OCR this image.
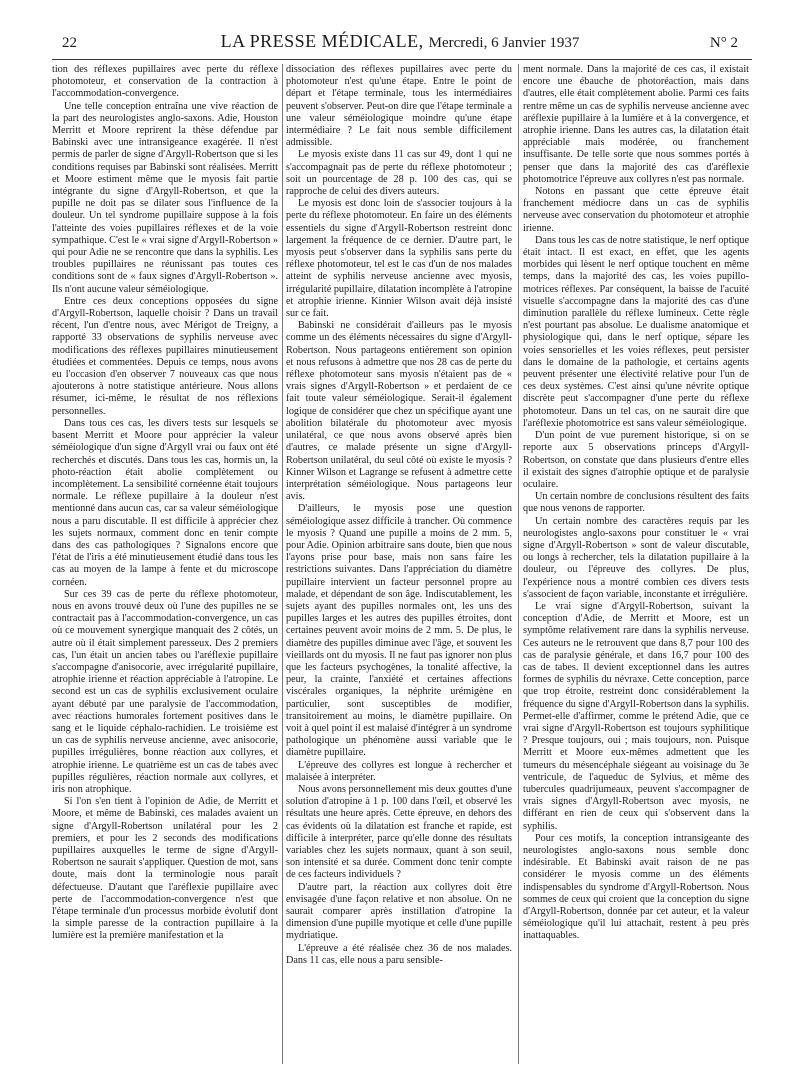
22	LA PRESSE MÉDICALE, Mercredi, 6 Janvier 1937	N° 2

tion des réflexes pupillaires avec perte du réflexe photomoteur, et conservation de la contraction à l'accommodation-convergence.

Une telle conception entraîna une vive réaction de la part des neurologistes anglo-saxons. Adie, Houston Merritt et Moore reprirent la thèse défendue par Babinski avec une intransigeance exagérée. Il n'est permis de parler de signe d'Argyll-Robertson que si les conditions requises par Babinski sont réalisées. Merritt et Moore estiment même que le myosis fait partie intégrante du signe d'Argyll-Robertson, et que la pupille ne doit pas se dilater sous l'influence de la douleur. Un tel syndrome pupillaire suppose à la fois l'atteinte des voies pupillaires réflexes et de la voie sympathique. C'est le « vrai signe d'Argyll-Robertson » qui pour Adie ne se rencontre que dans la syphilis. Les troubles pupillaires ne réunissant pas toutes ces conditions sont de « faux signes d'Argyll-Robertson ». Ils n'ont aucune valeur séméiologique.

Entre ces deux conceptions opposées du signe d'Argyll-Robertson, laquelle choisir ? Dans un travail récent, l'un d'entre nous, avec Mérigot de Treigny, a rapporté 33 observations de syphilis nerveuse avec modifications des réflexes pupillaires minutieusement étudiées et commentées. Depuis ce temps, nous avons eu l'occasion d'en observer 7 nouveaux cas que nous ajouterons à notre statistique antérieure. Nous allons résumer, ici-même, le résultat de nos réflexions personnelles.

Dans tous ces cas, les divers tests sur lesquels se basent Merritt et Moore pour apprécier la valeur séméiologique d'un signe d'Argyll vrai ou faux ont été recherchés et discutés. Dans tous les cas, hormis un, la photo-réaction était abolie complètement ou incomplètement. La sensibilité cornéenne était toujours normale. Le réflexe pupillaire à la douleur n'est mentionné dans aucun cas, car sa valeur séméiologique nous a paru discutable. Il est difficile à apprécier chez les sujets normaux, comment donc en tenir compte dans des cas pathologiques ? Signalons encore que l'état de l'iris a été minutieusement étudié dans tous les cas au moyen de la lampe à fente et du microscope cornéen.

Sur ces 39 cas de perte du réflexe photomoteur, nous en avons trouvé deux où l'une des pupilles ne se contractait pas à l'accommodation-convergence, un cas où ce mouvement synergique manquait des 2 côtés, un autre où il était simplement paresseux. Des 2 premiers cas, l'un était un ancien tabes ou l'aréflexie pupillaire s'accompagne d'anisocorie, avec irrégularité pupillaire, atrophie irienne et réaction appréciable à l'atropine. Le second est un cas de syphilis exclusivement oculaire ayant débuté par une paralysie de l'accommodation, avec réactions humorales fortement positives dans le sang et le liquide céphalo-rachidien. Le troisième est un cas de syphilis nerveuse ancienne, avec anisocorie, pupilles irrégulières, bonne réaction aux collyres, et atrophie irienne. Le quatrième est un cas de tabes avec pupilles régulières, réaction normale aux collyres, et iris non atrophique.

Si l'on s'en tient à l'opinion de Adie, de Merritt et Moore, et même de Babinski, ces malades avaient un signe d'Argyll-Robertson unilatéral pour les 2 premiers, et pour les 2 seconds des modifications pupillaires auxquelles le terme de signe d'Argyll-Robertson ne saurait s'appliquer. Question de mot, sans doute, mais dont la terminologie nous paraît défectueuse. D'autant que l'aréflexie pupillaire avec perte de l'accommodation-convergence n'est que l'étape terminale d'un processus morbide évolutif dont la simple paresse de la contraction pupillaire à la lumière est la première manifestation et la

dissociation des réflexes pupillaires avec perte du photomoteur n'est qu'une étape. Entre le point de départ et l'étape terminale, tous les intermédiaires peuvent s'observer. Peut-on dire que l'étape terminale a une valeur séméiologique moindre qu'une étape intermédiaire ? Le fait nous semble difficilement admissible.

Le myosis existe dans 11 cas sur 49, dont 1 qui ne s'accompagnait pas de perte du réflexe photomoteur ; soit un pourcentage de 28 p. 100 des cas, qui se rapproche de celui des divers auteurs.

Le myosis est donc loin de s'associer toujours à la perte du réflexe photomoteur. En faire un des éléments essentiels du signe d'Argyll-Robertson restreint donc largement la fréquence de ce dernier. D'autre part, le myosis peut s'observer dans la syphilis sans perte du réflexe photomoteur, tel est le cas d'un de nos malades atteint de syphilis nerveuse ancienne avec myosis, irrégularité pupillaire, dilatation incomplète à l'atropine et atrophie irienne. Kinnier Wilson avait déjà insisté sur ce fait.

Babinski ne considérait d'ailleurs pas le myosis comme un des éléments nécessaires du signe d'Argyll-Robertson. Nous partageons entièrement son opinion et nous refusons à admettre que nos 28 cas de perte du réflexe photomoteur sans myosis n'étaient pas de « vrais signes d'Argyll-Robertson » et perdaient de ce fait toute valeur séméiologique. Serait-il également logique de considérer que chez un spécifique ayant une abolition bilatérale du photomoteur avec myosis unilatéral, ce que nous avons observé après bien d'autres, ce malade présente un signe d'Argyll-Robertson unilatéral, du seul côté où existe le myosis ? Kinner Wilson et Lagrange se refusent à admettre cette interprétation séméiologique. Nous partageons leur avis.

D'ailleurs, le myosis pose une question séméiologique assez difficile à trancher. Où commence le myosis ? Quand une pupille a moins de 2 mm. 5, pour Adie. Opinion arbitraire sans doute, bien que nous l'ayons prise pour base, mais non sans faire les restrictions suivantes. Dans l'appréciation du diamètre pupillaire intervient un facteur personnel propre au malade, et dépendant de son âge. Indiscutablement, les sujets ayant des pupilles normales ont, les uns des pupilles larges et les autres des pupilles étroites, dont certaines peuvent avoir moins de 2 mm. 5. De plus, le diamètre des pupilles diminue avec l'âge, et souvent les vieillards ont du myosis. Il ne faut pas ignorer non plus que les facteurs psychogènes, la tonalité affective, la peur, la crainte, l'anxiété et certaines affections viscérales organiques, la néphrite urémigène en particulier, sont susceptibles de modifier, transitoirement au moins, le diamètre pupillaire. On voit à quel point il est malaisé d'intégrer à un syndrome pathologique un phénomène aussi variable que le diamètre pupillaire.

L'épreuve des collyres est longue à rechercher et malaisée à interpréter.

Nous avons personnellement mis deux gouttes d'une solution d'atropine à 1 p. 100 dans l'œil, et observé les résultats une heure après. Cette épreuve, en dehors des cas évidents où la dilatation est franche et rapide, est difficile à interpréter, parce qu'elle donne des résultats variables chez les sujets normaux, quant à son seuil, son intensité et sa durée. Comment donc tenir compte de ces facteurs individuels ?

D'autre part, la réaction aux collyres doit être envisagée d'une façon relative et non absolue. On ne saurait comparer après instillation d'atropine la dimension d'une pupille myotique et celle d'une pupille mydriatique.

L'épreuve a été réalisée chez 36 de nos malades. Dans 11 cas, elle nous a paru sensible-

ment normale. Dans la majorité de ces cas, il existait encore une ébauche de photoréaction, mais dans d'autres, elle était complètement abolie. Parmi ces faits rentre même un cas de syphilis nerveuse ancienne avec aréflexie pupillaire à la lumière et à la convergence, et atrophie irienne. Dans les autres cas, la dilatation était appréciable mais modérée, ou franchement insuffisante. De telle sorte que nous sommes portés à penser que dans la majorité des cas d'aréflexie photomotrice l'épreuve aux collyres n'est pas normale.

Notons en passant que cette épreuve était franchement médiocre dans un cas de syphilis nerveuse avec conservation du photomoteur et atrophie irienne.

Dans tous les cas de notre statistique, le nerf optique était intact. Il est exact, en effet, que les agents morbides qui lèsent le nerf optique touchent en même temps, dans la majorité des cas, les voies pupillo-motrices réflexes. Par conséquent, la baisse de l'acuité visuelle s'accompagne dans la majorité des cas d'une diminution parallèle du réflexe lumineux. Cette règle n'est pourtant pas absolue. Le dualisme anatomique et physiologique qui, dans le nerf optique, sépare les voies sensorielles et les voies réflexes, peut persister dans le domaine de la pathologie, et certains agents peuvent présenter une électivité relative pour l'un de ces deux systèmes. C'est ainsi qu'une névrite optique discrète peut s'accompagner d'une perte du réflexe photomoteur. Dans un tel cas, on ne saurait dire que l'aréflexie photomotrice est sans valeur séméiologique.

D'un point de vue purement historique, si on se reporte aux 5 observations princeps d'Argyll-Robertson, on constate que dans plusieurs d'entre elles il existait des signes d'atrophie optique et de paralysie oculaire.

Un certain nombre de conclusions résultent des faits que nous venons de rapporter.

Un certain nombre des caractères requis par les neurologistes anglo-saxons pour constituer le « vrai signe d'Argyll-Robertson » sont de valeur discutable, ou longs à rechercher, tels la dilatation pupillaire à la douleur, ou l'épreuve des collyres. De plus, l'expérience nous a montré combien ces divers tests s'associent de façon variable, inconstante et irrégulière.

Le vrai signe d'Argyll-Robertson, suivant la conception d'Adie, de Merritt et Moore, est un symptôme relativement rare dans la syphilis nerveuse. Ces auteurs ne le retrouvent que dans 8,7 pour 100 des cas de paralysie générale, et dans 16,7 pour 100 des cas de tabes. Il devient exceptionnel dans les autres formes de syphilis du névraxe. Cette conception, parce que trop étroite, restreint donc considérablement la fréquence du signe d'Argyll-Robertson dans la syphilis. Permet-elle d'affirmer, comme le prétend Adie, que ce vrai signe d'Argyll-Robertson est toujours syphilitique ? Presque toujours, oui ; mais toujours, non. Puisque Merritt et Moore eux-mêmes admettent que les tumeurs du mésencéphale siégeant au voisinage du 3e ventricule, de l'aqueduc de Sylvius, et même des tubercules quadrijumeaux, peuvent s'accompagner de vrais signes d'Argyll-Robertson avec myosis, ne différant en rien de ceux qui s'observent dans la syphilis.

Pour ces motifs, la conception intransigeante des neurologistes anglo-saxons nous semble donc indésirable. Et Babinski avait raison de ne pas considérer le myosis comme un des éléments indispensables du syndrome d'Argyll-Robertson. Nous sommes de ceux qui croient que la conception du signe d'Argyll-Robertson, donnée par cet auteur, et la valeur séméiologique qu'il lui attachait, restent à peu près inattaquables.
